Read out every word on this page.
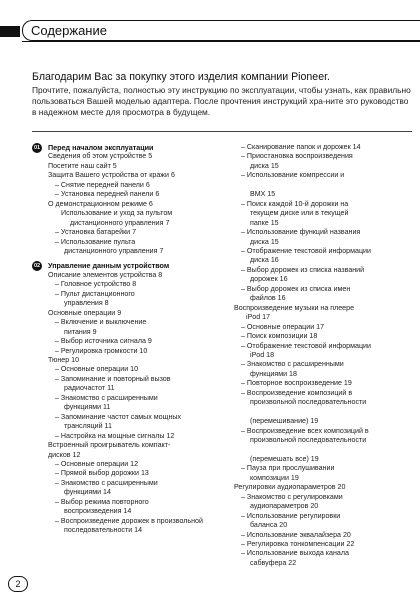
Содержание
Благодарим Вас за покупку этого изделия компании Pioneer.
Прочтите, пожалуйста, полностью эту инструкцию по эксплуатации, чтобы узнать, как правильно пользоваться Вашей моделью адаптера. После прочтения инструкций хра-ните это руководство в надежном месте для просмотра в будущем.
01 Перед началом эксплуатации
Сведения об этом устройстве 5
Посетите наш сайт 5
Защита Вашего устройства от кражи 6
– Снятие передней панели 6
– Установка передней панели 6
О демонстрационном режиме 6
Использование и уход за пультом
дистанционного управления 7
– Установка батарейки 7
– Использование пульта
дистанционного управления 7
02 Управление данным устройством
Описание элементов устройства 8
– Головное устройство 8
– Пульт дистанционного
управления 8
Основные операции 9
– Включение и выключение
питания 9
– Выбор источника сигнала 9
– Регулировка громкости 10
Тюнер 10
– Основные операции 10
– Запоминание и повторный вызов
радиочастот 11
– Знакомство с расширенными
функциями 11
– Запоминание частот самых мощных
трансляций 11
– Настройка на мощные сигналы 12
Встроенный проигрыватель компакт-
дисков 12
– Основные операции 12
– Прямой выбор дорожки 13
– Знакомство с расширенными
функциями 14
– Выбор режима повторного
воспроизведения 14
– Воспроизведение дорожек в произвольной
последовательности 14
– Сканирование папок и дорожек 14
– Приостановка воспроизведения
диска 15
– Использование компрессии и

BMX 15
– Поиск каждой 10-й дорожки на
текущем диске или в текущей
папке 15
– Использование функций названия
диска 15
– Отображение текстовой информации
диска 16
– Выбор дорожек из списка названий
дорожек 16
– Выбор дорожек из списка имен
файлов 16
Воспроизведение музыки на плеере
iPod 17
– Основные операции 17
– Поиск композиции 18
– Отображение текстовой информации
iPod 18
– Знакомство с расширенными
функциями 18
– Повторное воспроизведение 19
– Воспроизведение композиций в
произвольной последовательности

(перемешивание) 19
– Воспроизведение всех композиций в
произвольной последовательности

(перемешать все) 19
– Пауза при прослушивании
композиции 19
Регулировки аудиопараметров 20
– Знакомство с регулировками
аудиопараметров 20
– Использование регулировки
баланса 20
– Использование эквалайзера 20
– Регулировка тонкомпенсации 22
– Использование выхода канала
сабвуфера 22
2
